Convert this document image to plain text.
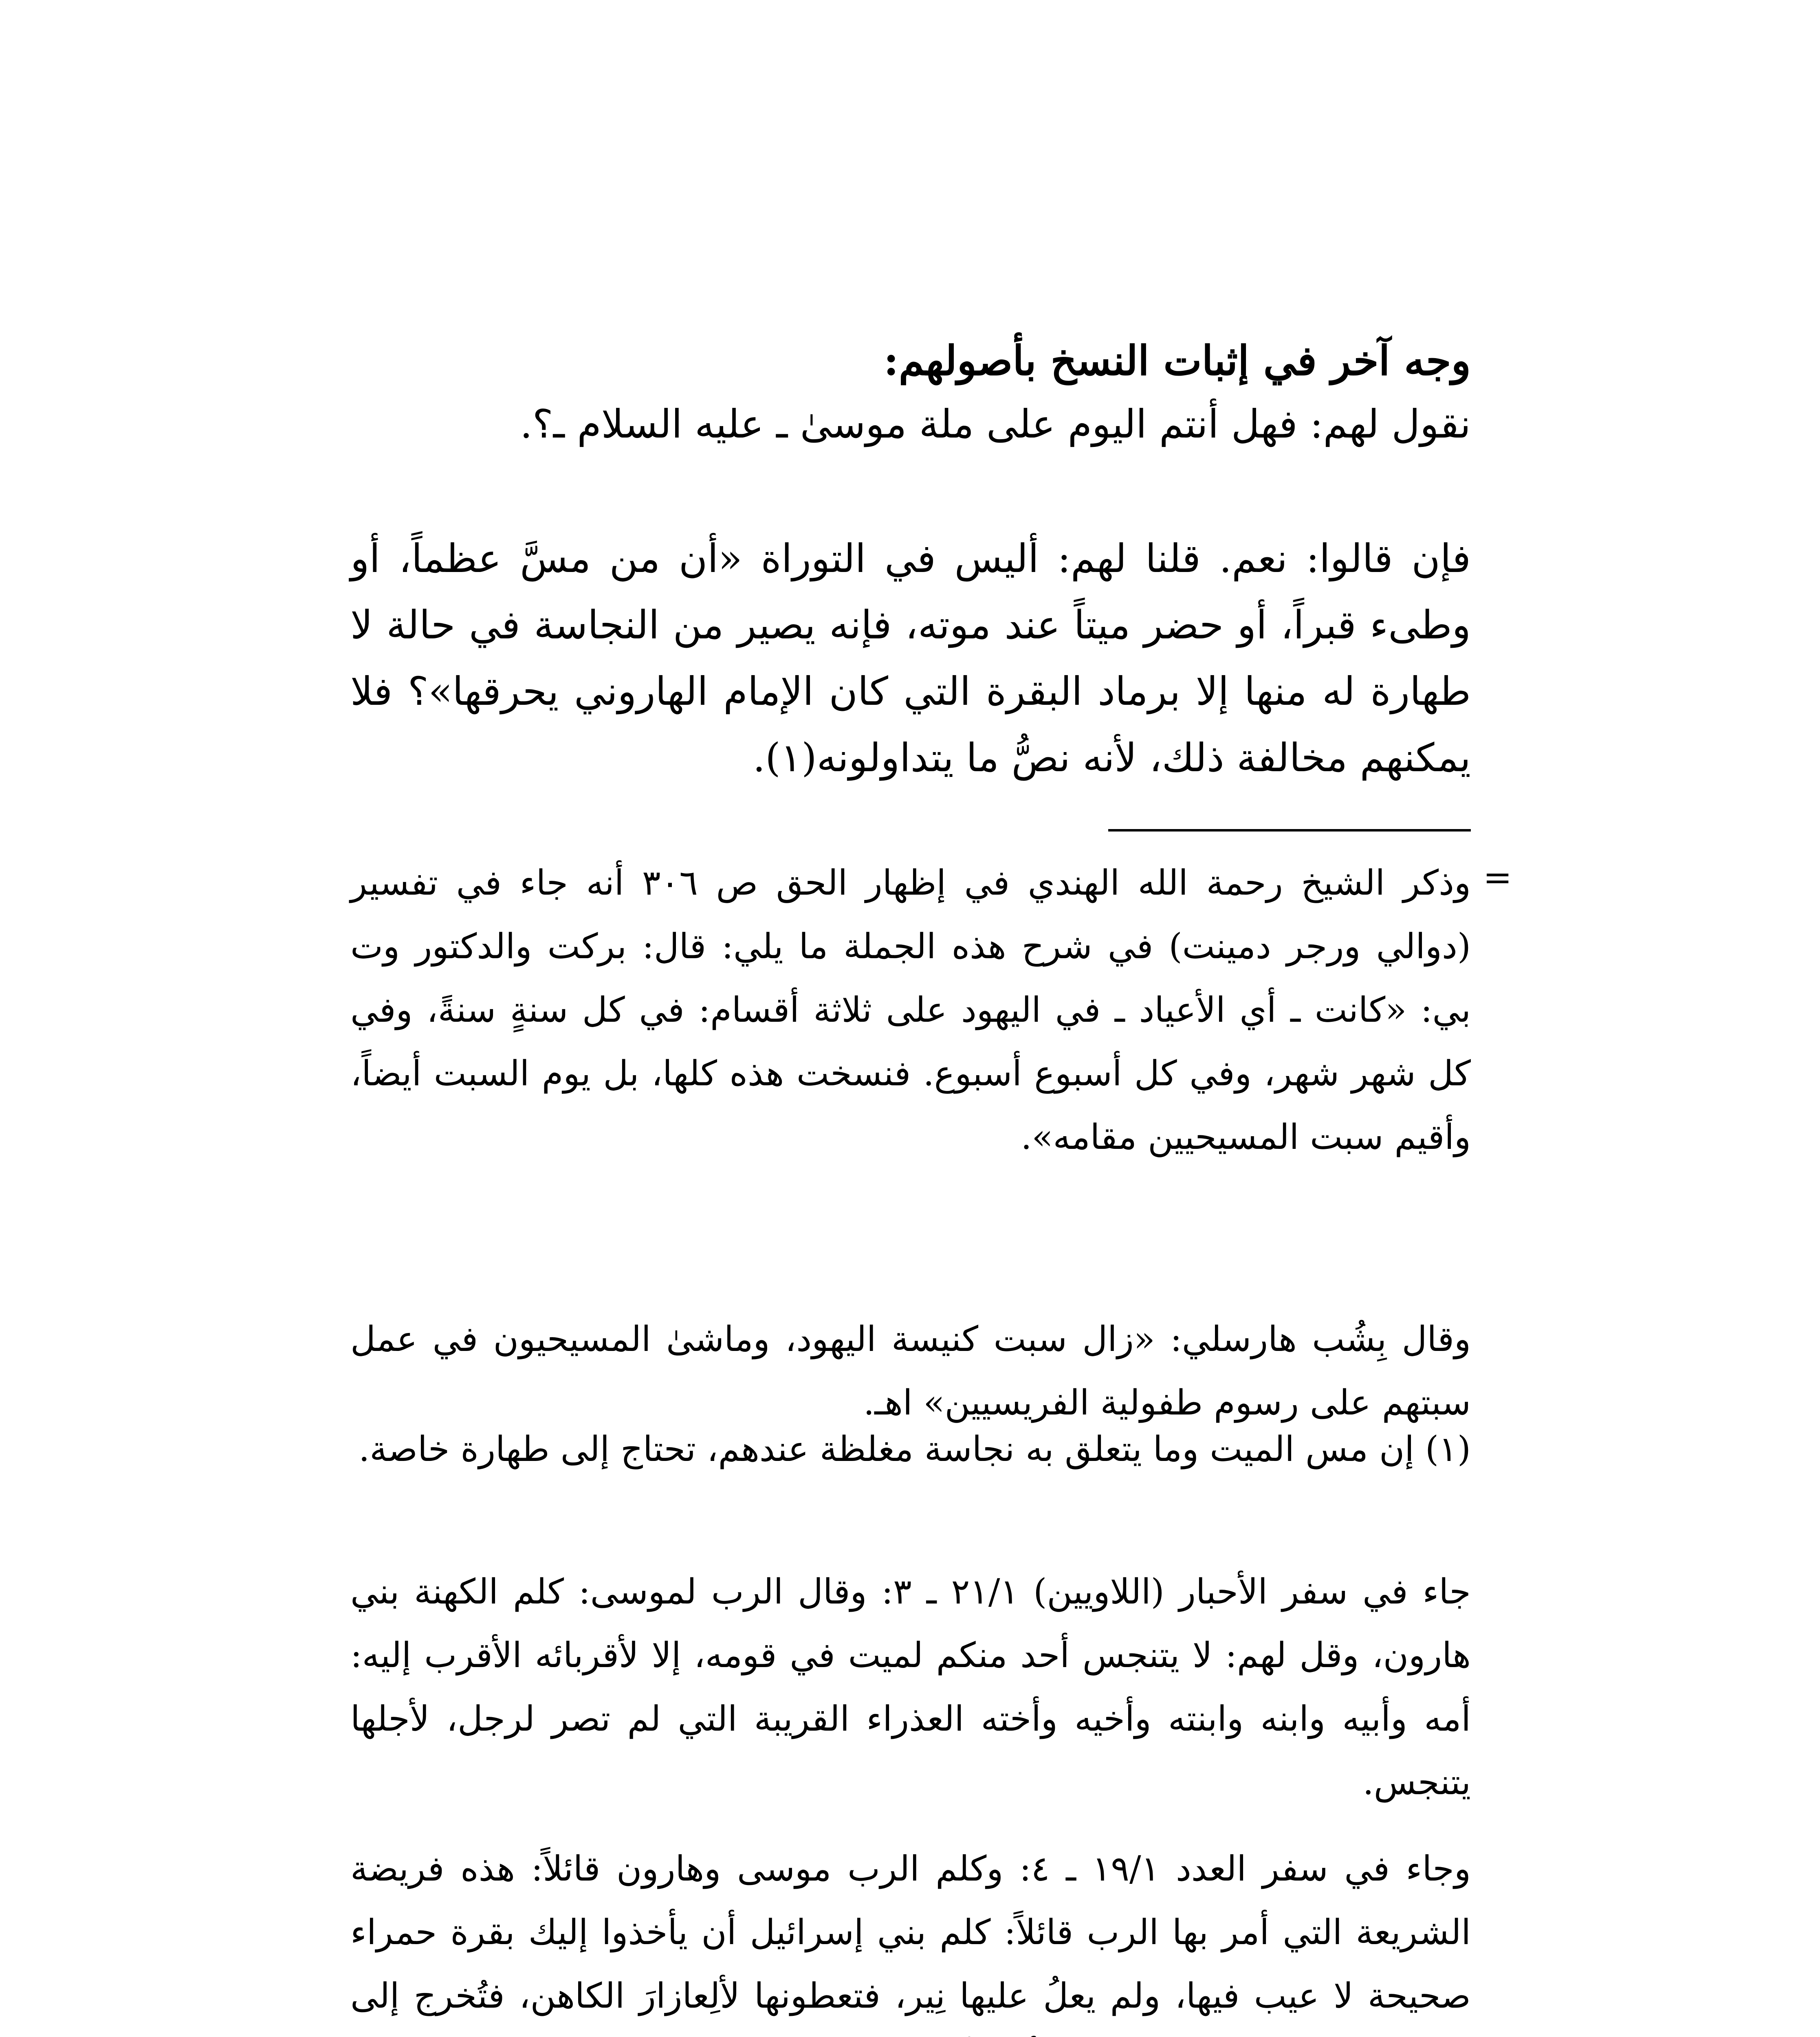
وجه آخر في إثبات النسخ بأصولهم:

نقول لهم: فهل أنتم اليوم على ملة موسىٰ ـ عليه السلام ـ؟.

فإن قالوا: نعم. قلنا لهم: أليس في التوراة «أن من مسَّ عظماً، أو وطىء قبراً، أو حضر ميتاً عند موته، فإنه يصير من النجاسة في حالة لا طهارة له منها إلا برماد البقرة التي كان الإمام الهاروني يحرقها»؟ فلا يمكنهم مخالفة ذلك، لأنه نصُّ ما يتداولونه(١).

=

وذكر الشيخ رحمة الله الهندي في إظهار الحق ص ٣٠٦ أنه جاء في تفسير (دوالي ورجر دمينت) في شرح هذه الجملة ما يلي: قال: بركت والدكتور وت بي: «كانت ـ أي الأعياد ـ في اليهود على ثلاثة أقسام: في كل سنةٍ سنةً، وفي كل شهر شهر، وفي كل أسبوع أسبوع. فنسخت هذه كلها، بل يوم السبت أيضاً، وأقيم سبت المسيحيين مقامه».

وقال بِشُب هارسلي: «زال سبت كنيسة اليهود، وماشىٰ المسيحيون في عمل سبتهم على رسوم طفولية الفريسيين» اهـ.

(١) إن مس الميت وما يتعلق به نجاسة مغلظة عندهم، تحتاج إلى طهارة خاصة.

جاء في سفر الأحبار (اللاويين) ٢١/١ ـ ٣: وقال الرب لموسى: كلم الكهنة بني هارون، وقل لهم: لا يتنجس أحد منكم لميت في قومه، إلا لأقربائه الأقرب إليه: أمه وأبيه وابنه وابنته وأخيه وأخته العذراء القريبة التي لم تصر لرجل، لأجلها يتنجس.

وجاء في سفر العدد ١٩/١ ـ ٤: وكلم الرب موسى وهارون قائلاً: هذه فريضة الشريعة التي أمر بها الرب قائلاً: كلم بني إسرائيل أن يأخذوا إليك بقرة حمراء صحيحة لا عيب فيها، ولم يعلُ عليها نِير، فتعطونها لألِعازارَ الكاهن، فتُخرج إلى
